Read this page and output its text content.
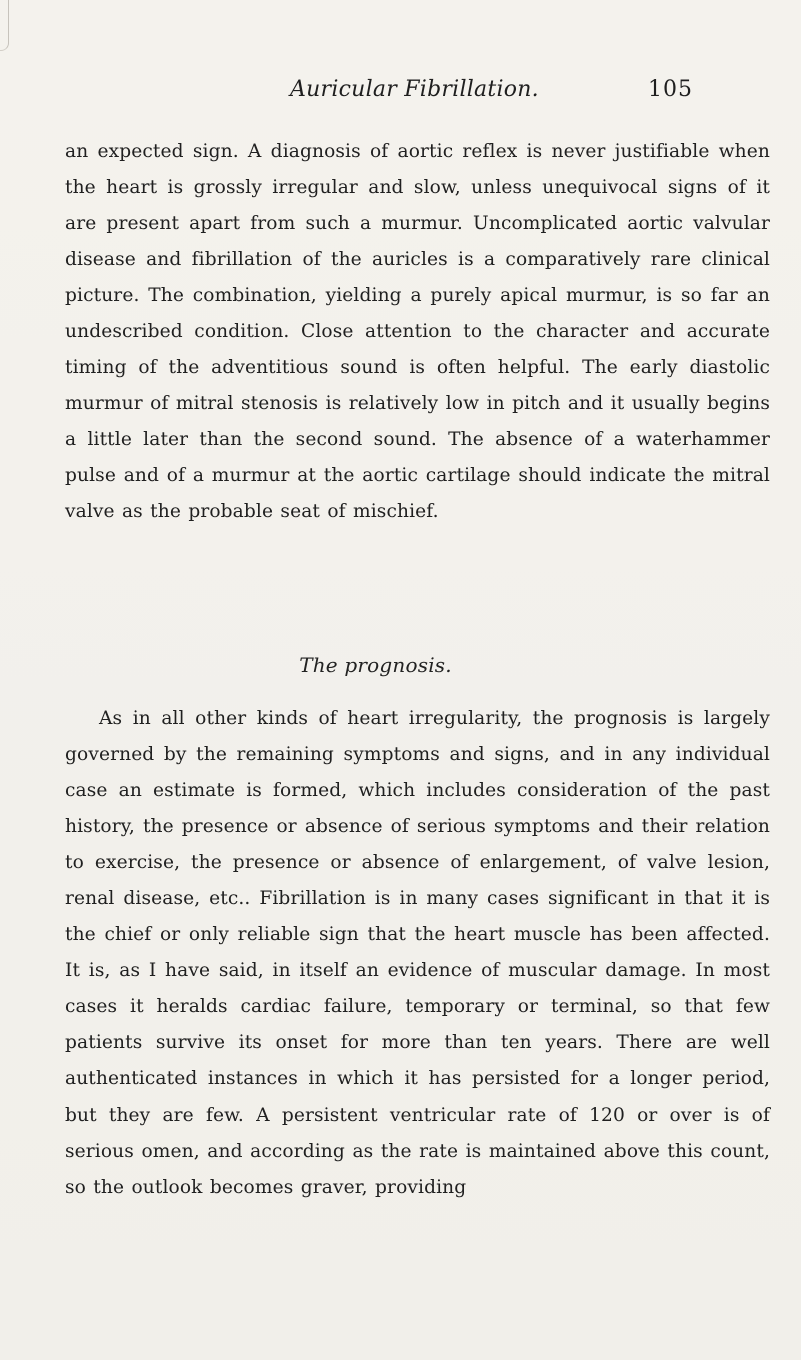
Auricular Fibrillation.	105
an expected sign. A diagnosis of aortic reflex is never justifiable when the heart is grossly irregular and slow, unless unequivocal signs of it are present apart from such a murmur. Uncomplicated aortic valvular disease and fibrillation of the auricles is a comparatively rare clinical picture. The combination, yielding a purely apical murmur, is so far an undescribed condition. Close attention to the character and accurate timing of the adventitious sound is often helpful. The early diastolic murmur of mitral stenosis is relatively low in pitch and it usually begins a little later than the second sound. The absence of a waterhammer pulse and of a murmur at the aortic cartilage should indicate the mitral valve as the probable seat of mischief.
The prognosis.
As in all other kinds of heart irregularity, the prognosis is largely governed by the remaining symptoms and signs, and in any individual case an estimate is formed, which includes consideration of the past history, the presence or absence of serious symptoms and their relation to exercise, the presence or absence of enlargement, of valve lesion, renal disease, etc.. Fibrillation is in many cases significant in that it is the chief or only reliable sign that the heart muscle has been affected. It is, as I have said, in itself an evidence of muscular damage. In most cases it heralds cardiac failure, temporary or terminal, so that few patients survive its onset for more than ten years. There are well authenticated instances in which it has persisted for a longer period, but they are few. A persistent ventricular rate of 120 or over is of serious omen, and according as the rate is maintained above this count, so the outlook becomes graver, providing
